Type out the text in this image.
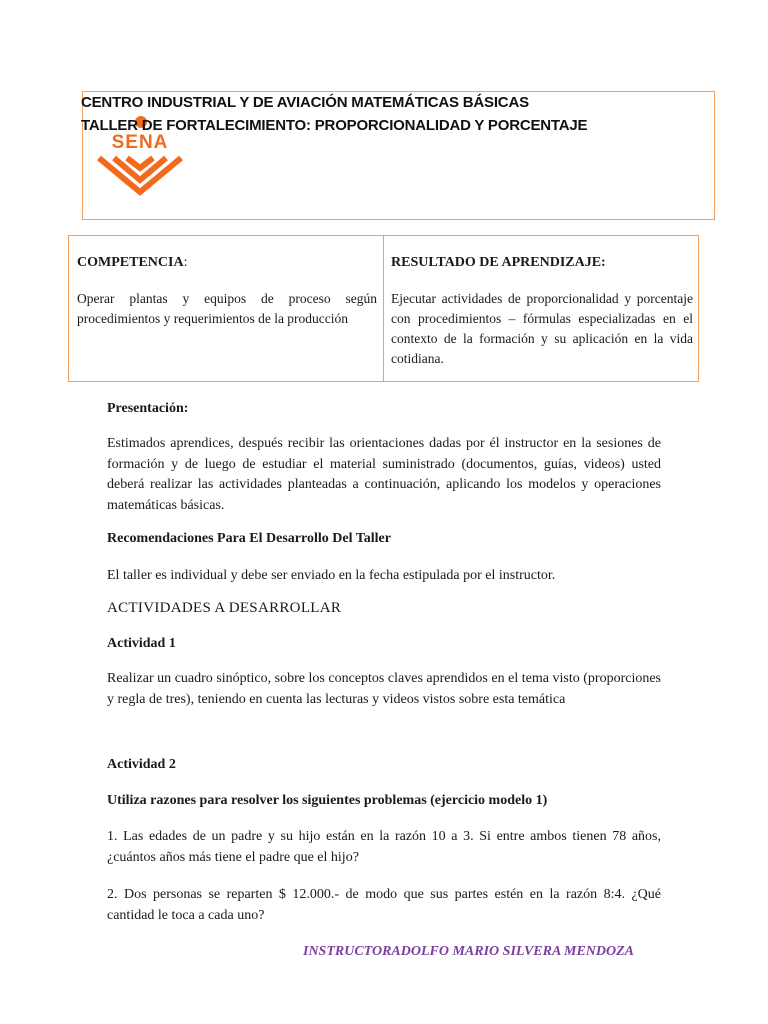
SENA
CENTRO INDUSTRIAL Y DE AVIACIÓN MATEMÁTICAS BÁSICAS
TALLER DE FORTALECIMIENTO: PROPORCIONALIDAD Y PORCENTAJE
COMPETENCIA:
Operar plantas y equipos de proceso según procedimientos y requerimientos de la producción
RESULTADO DE APRENDIZAJE:
Ejecutar actividades de proporcionalidad y porcentaje con procedimientos – fórmulas especializadas en el contexto de la formación y su aplicación en la vida cotidiana.
Presentación:
Estimados aprendices, después recibir las orientaciones dadas por él instructor en la sesiones de formación y de luego de estudiar el material suministrado (documentos, guías, videos) usted deberá realizar las actividades planteadas a continuación, aplicando los modelos y operaciones matemáticas básicas.
Recomendaciones Para El Desarrollo Del Taller
El taller es individual y debe ser enviado en la fecha estipulada por el instructor.
ACTIVIDADES A DESARROLLAR
Actividad 1
Realizar un cuadro sinóptico, sobre los conceptos claves aprendidos en el tema visto (proporciones y regla de tres), teniendo en cuenta las lecturas y videos vistos sobre esta temática
Actividad 2
Utiliza razones para resolver los siguientes problemas (ejercicio modelo 1)
1. Las edades de un padre y su hijo están en la razón 10 a 3. Si entre ambos tienen 78 años, ¿cuántos años más tiene el padre que el hijo?
2. Dos personas se reparten $ 12.000.- de modo que sus partes estén en la razón 8:4. ¿Qué cantidad le toca a cada uno?
INSTRUCTORADOLFO MARIO SILVERA MENDOZA
